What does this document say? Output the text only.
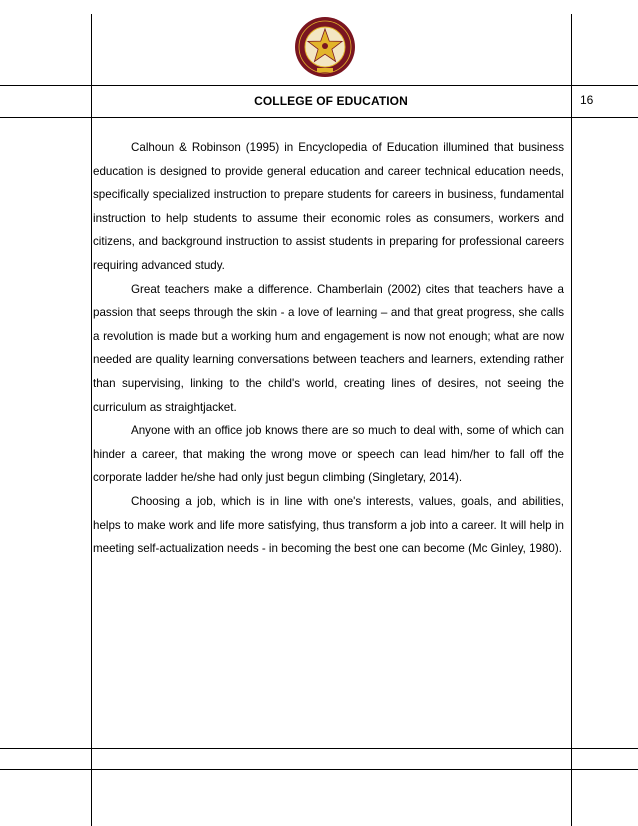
COLLEGE OF EDUCATION	16

Calhoun & Robinson (1995) in Encyclopedia of Education illumined that business education is designed to provide general education and career technical education needs, specifically specialized instruction to prepare students for careers in business, fundamental instruction to help students to assume their economic roles as consumers, workers and citizens, and background instruction to assist students in preparing for professional careers requiring advanced study.

Great teachers make a difference. Chamberlain (2002) cites that teachers have a passion that seeps through the skin - a love of learning – and that great progress, she calls a revolution is made but a working hum and engagement is now not enough; what are now needed are quality learning conversations between teachers and learners, extending rather than supervising, linking to the child's world, creating lines of desires, not seeing the curriculum as straightjacket.

Anyone with an office job knows there are so much to deal with, some of which can hinder a career, that making the wrong move or speech can lead him/her to fall off the corporate ladder he/she had only just begun climbing (Singletary, 2014).

Choosing a job, which is in line with one's interests, values, goals, and abilities, helps to make work and life more satisfying, thus transform a job into a career. It will help in meeting self-actualization needs - in becoming the best one can become (Mc Ginley, 1980).
